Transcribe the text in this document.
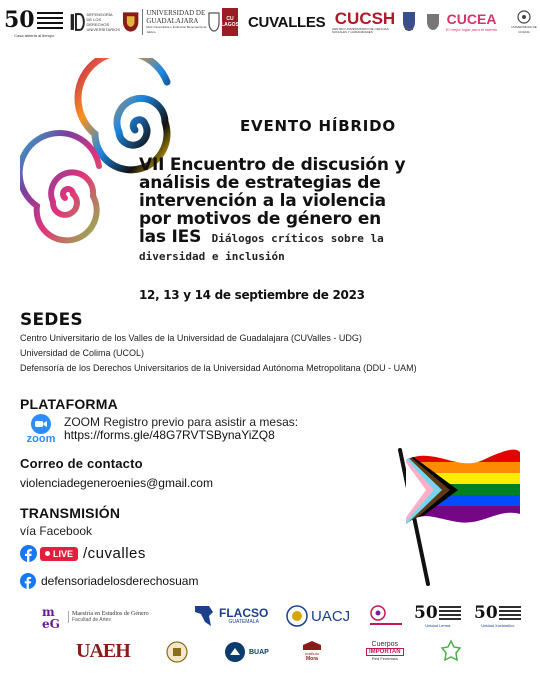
50
Casa abierta al tiempo
DEFENSORÍA
DE LOS DERECHOS
UNIVERSITARIOS
UNIVERSIDAD DE
GUADALAJARA
Red Universitaria e Institución Benemérita de Jalisco
CU LAGOS CUVALLES CUCSH
CENTRO UNIVERSITARIO DE CIENCIAS SOCIALES Y HUMANIDADES
CUCEA
El mejor lugar para el talento	UNIVERSIDAD DE COLIMA
EVENTO HÍBRIDO
VII Encuentro de discusión y
análisis de estrategias de
intervención a la violencia
por motivos de género en
las IES Diálogos críticos sobre la
diversidad e inclusión
12, 13 y 14 de septiembre de 2023
SEDES
Centro Universitario de los Valles de la Universidad de Guadalajara (CUValles - UDG)
Universidad de Colima (UCOL)
Defensoría de los Derechos Universitarios de la Universidad Autónoma Metropolitana (DDU - UAM)
PLATAFORMA
zoom
ZOOM Registro previo para asistir a mesas:
https://forms.gle/48G7RVTSBynaYiZQ8
Correo de contacto
violenciadegeneroenies@gmail.com
TRANSMISIÓN
vía Facebook
LIVE /cuvalles
defensoriadelosderechosuam
m
eG
Maestría en Estudios de Género
Facultad de Artes	FLACSO
GUATEMALA	UACJ	50
Unidad Lerma
50
Unidad Xochimilco
UAEH	BUAP	Instituto
Mora
Cuerpos
IMPORTAN
Red Feminista
